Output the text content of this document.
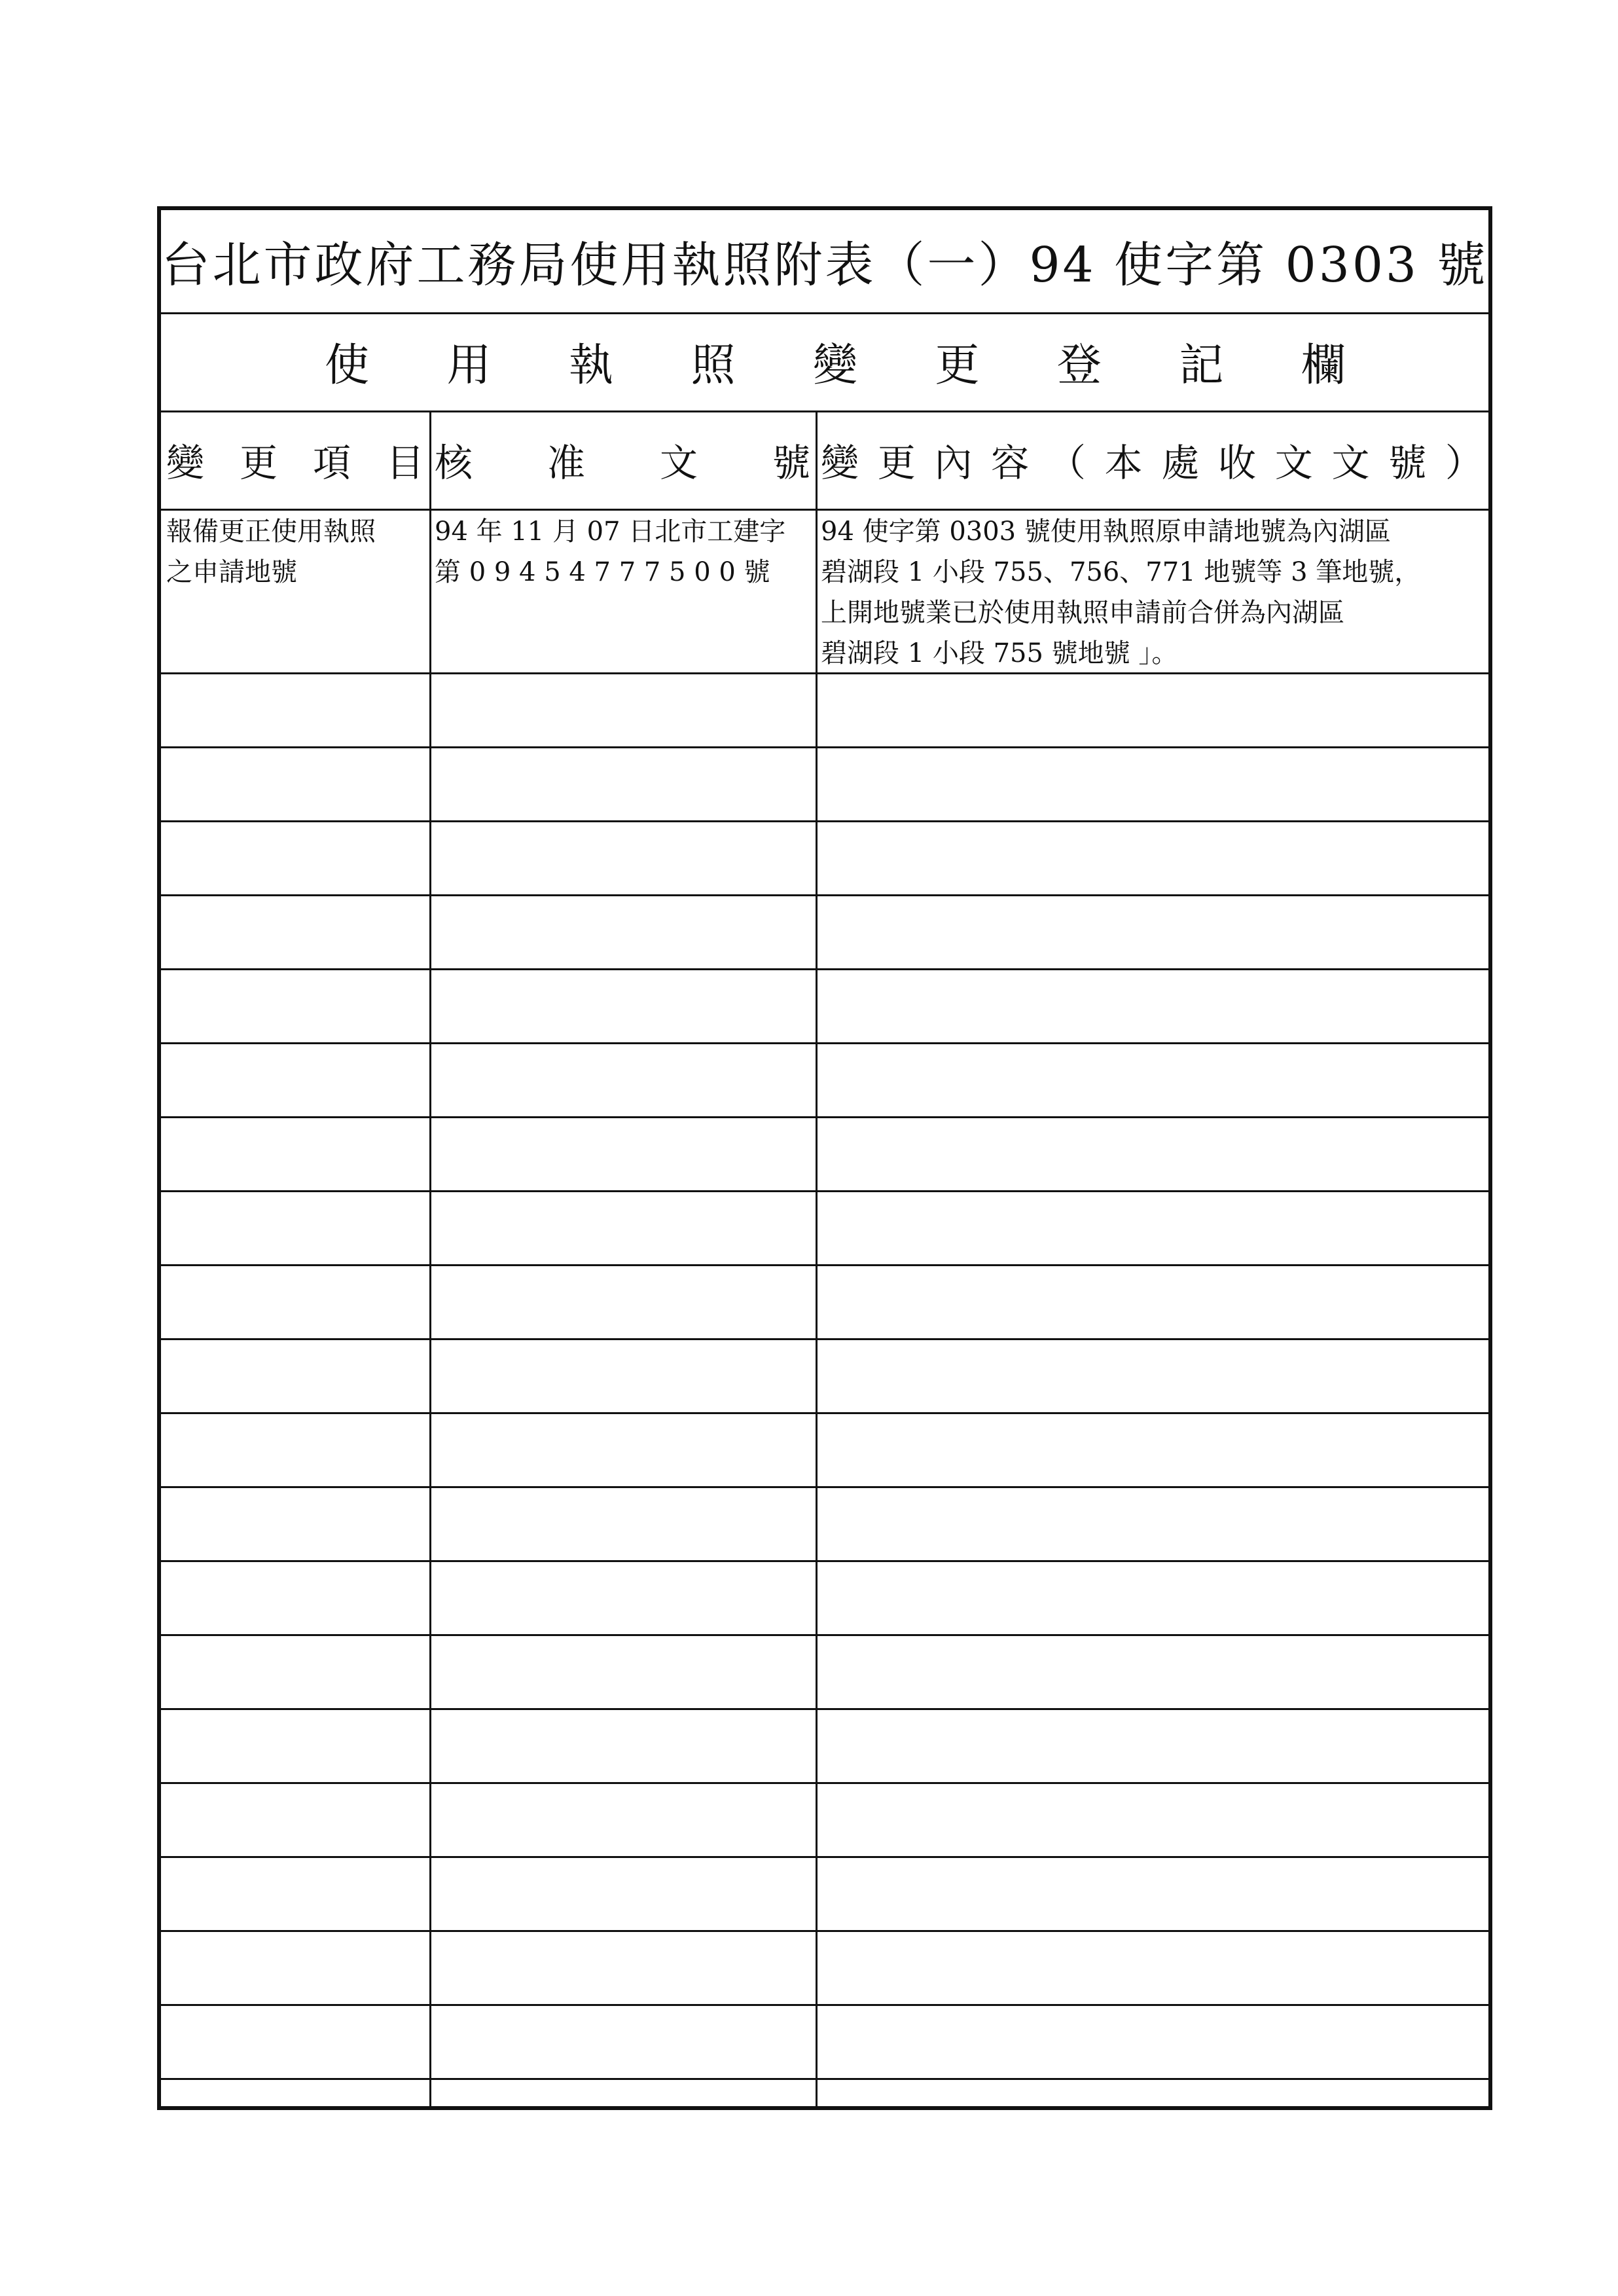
台北市政府工務局使用執照附表（一）94 使字第 0303 號
使 用 執 照 變 更 登 記 欄
變 更 項 目 核 准 文 號 變 更 內 容 （ 本 處 收 文 文 號 ）
報備更正使用執照
之申請地號
94 年 11 月 07 日北市工建字
第 0 9 4 5 4 7 7 7 5 0 0 號
94 使字第 0303 號使用執照原申請地號為內湖區
碧湖段 1 小段 755、756、771 地號等 3 筆地號，
上開地號業已於使用執照申請前合併為內湖區
碧湖段 1 小段 755 號地號 」。
